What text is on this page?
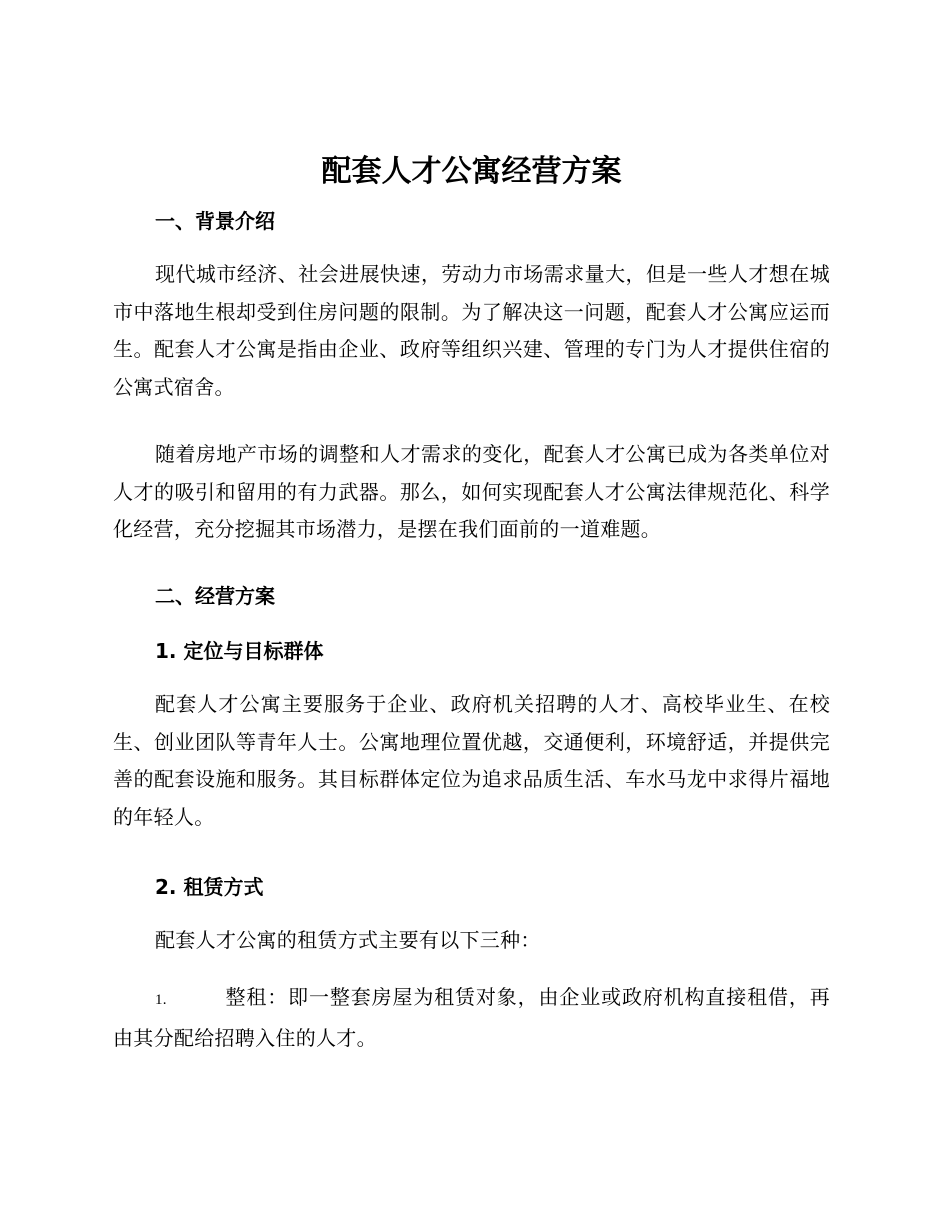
配套人才公寓经营方案
一、背景介绍

现代城市经济、社会进展快速，劳动力市场需求量大，但是一些人才想在城市中落地生根却受到住房问题的限制。为了解决这一问题，配套人才公寓应运而生。配套人才公寓是指由企业、政府等组织兴建、管理的专门为人才提供住宿的公寓式宿舍。

随着房地产市场的调整和人才需求的变化，配套人才公寓已成为各类单位对人才的吸引和留用的有力武器。那么，如何实现配套人才公寓法律规范化、科学化经营，充分挖掘其市场潜力，是摆在我们面前的一道难题。

二、经营方案
1. 定位与目标群体

配套人才公寓主要服务于企业、政府机关招聘的人才、高校毕业生、在校生、创业团队等青年人士。公寓地理位置优越，交通便利，环境舒适，并提供完善的配套设施和服务。其目标群体定位为追求品质生活、车水马龙中求得片福地的年轻人。

2. 租赁方式

配套人才公寓的租赁方式主要有以下三种：

1.	整租：即一整套房屋为租赁对象，由企业或政府机构直接租借，再由其分配给招聘入住的人才。
